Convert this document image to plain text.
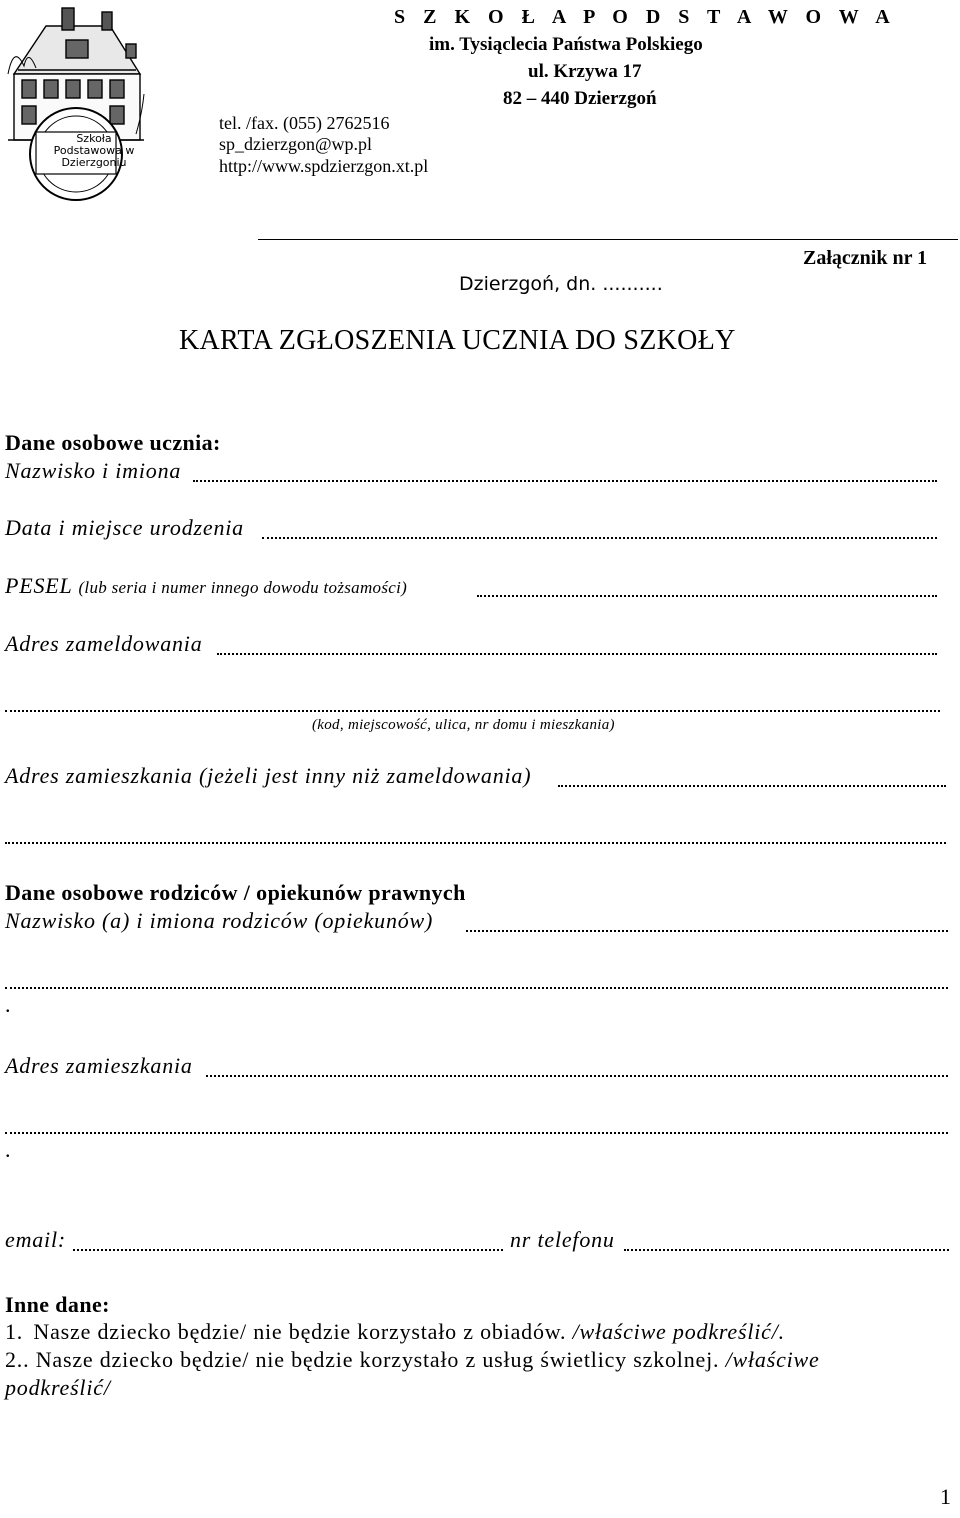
Szkoła Podstawowa w Dzierzgoniu
S Z K O Ł A P O D S T A W O W A
im. Tysiąclecia Państwa Polskiego
ul. Krzywa 17
82 – 440 Dzierzgoń
tel. /fax. (055) 2762516
sp_dzierzgon@wp.pl
http://www.spdzierzgon.xt.pl
Załącznik nr 1
Dzierzgoń, dn. ..........
KARTA ZGŁOSZENIA UCZNIA DO SZKOŁY
Dane osobowe ucznia:
Nazwisko i imiona
Data i miejsce urodzenia
PESEL (lub seria i numer innego dowodu tożsamości)
Adres zameldowania
(kod, miejscowość, ulica, nr domu i mieszkania)
Adres zamieszkania (jeżeli jest inny niż zameldowania)
Dane osobowe rodziców / opiekunów prawnych
Nazwisko (a) i imiona rodziców (opiekunów)
.
Adres zamieszkania
.
email:	nr telefonu
Inne dane:
1. Nasze dziecko będzie/ nie będzie korzystało z obiadów. /właściwe podkreślić/.
2.. Nasze dziecko będzie/ nie będzie korzystało z usług świetlicy szkolnej. /właściwe
podkreślić/
1
